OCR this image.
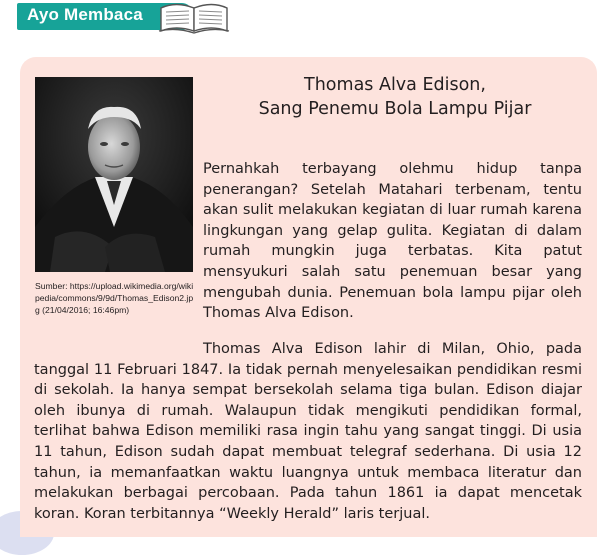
Ayo Membaca
Sumber: https://upload.wikimedia.org/wikipedia/commons/9/9d/Thomas_Edison2.jpg (21/04/2016; 16:46pm)
Thomas Alva Edison,
Sang Penemu Bola Lampu Pijar

Pernahkah terbayang olehmu hidup tanpa penerangan? Setelah Matahari terbenam, tentu akan sulit melakukan kegiatan di luar rumah karena lingkungan yang gelap gulita. Kegiatan di dalam rumah mungkin juga terbatas. Kita patut mensyukuri salah satu penemuan besar yang mengubah dunia. Penemuan bola lampu pijar oleh Thomas Alva Edison.

Thomas Alva Edison lahir di Milan, Ohio, pada tanggal 11 Februari 1847. Ia tidak pernah menyelesaikan pendidikan resmi di sekolah. Ia hanya sempat bersekolah selama tiga bulan. Edison diajar oleh ibunya di rumah. Walaupun tidak mengikuti pendidikan formal, terlihat bahwa Edison memiliki rasa ingin tahu yang sangat tinggi. Di usia 11 tahun, Edison sudah dapat membuat telegraf sederhana. Di usia 12 tahun, ia memanfaatkan waktu luangnya untuk membaca literatur dan melakukan berbagai percobaan. Pada tahun 1861 ia dapat mencetak koran. Koran terbitannya “Weekly Herald” laris terjual.
